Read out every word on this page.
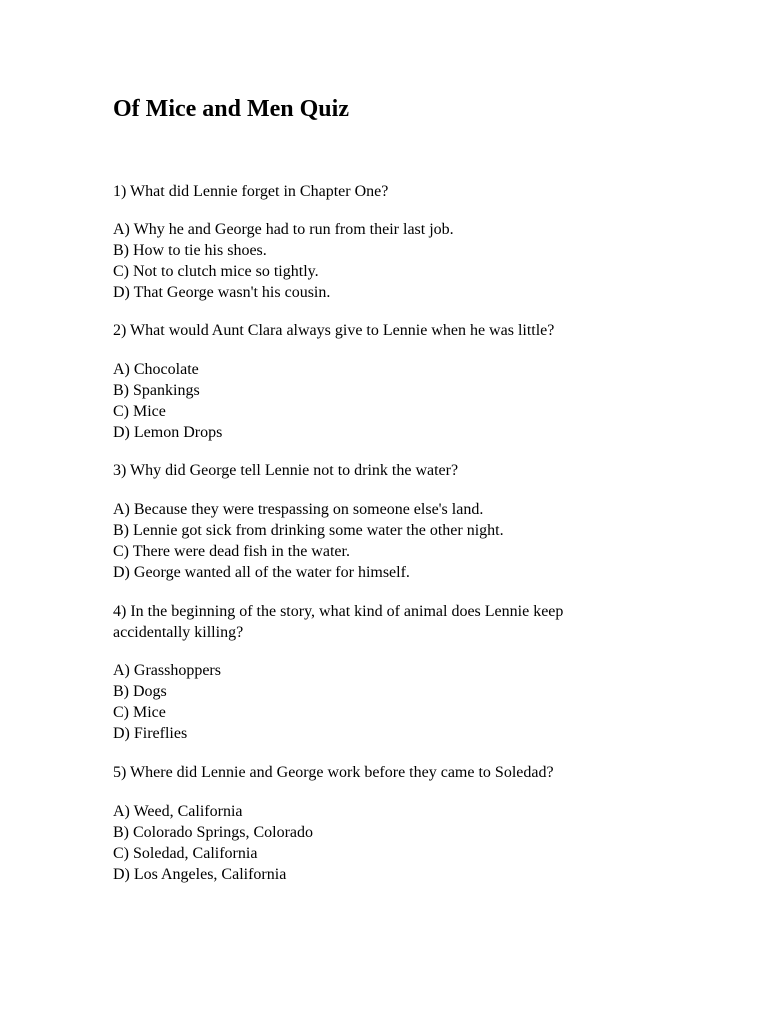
Of Mice and Men Quiz

1) What did Lennie forget in Chapter One?

A) Why he and George had to run from their last job.

B) How to tie his shoes.

C) Not to clutch mice so tightly.

D) That George wasn't his cousin.

2) What would Aunt Clara always give to Lennie when he was little?

A) Chocolate

B) Spankings

C) Mice

D) Lemon Drops

3) Why did George tell Lennie not to drink the water?

A) Because they were trespassing on someone else's land.

B) Lennie got sick from drinking some water the other night.

C) There were dead fish in the water.

D) George wanted all of the water for himself.

4) In the beginning of the story, what kind of animal does Lennie keep

accidentally killing?

A) Grasshoppers

B) Dogs

C) Mice

D) Fireflies

5) Where did Lennie and George work before they came to Soledad?

A) Weed, California

B) Colorado Springs, Colorado

C) Soledad, California

D) Los Angeles, California
